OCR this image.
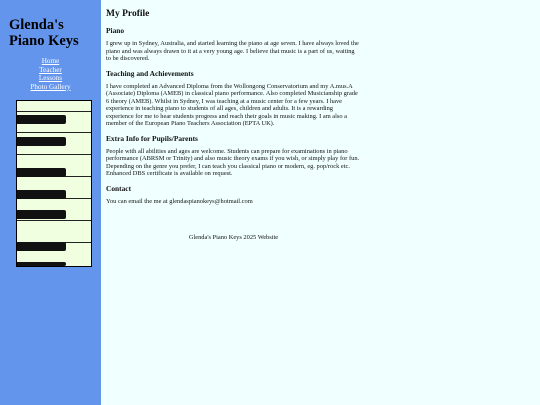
Glenda's
Piano Keys
Home
Teacher
Lessons
Photo Gallery
My Profile
Piano

I grew up in Sydney, Australia, and started learning the piano at age seven. I have always loved the piano and was always drawn to it at a very young age. I believe that music is a part of us, waiting to be discovered.

Teaching and Achievements

I have completed an Advanced Diploma from the Wollongong Conservatorium and my A.mus.A (Associate) Diploma (AMEB) in classical piano performance. Also completed Musicianship grade 6 theory (AMEB). Whilst in Sydney, I was teaching at a music center for a few years. I have experience in teaching piano to students of all ages, children and adults. It is a rewarding experience for me to hear students progress and reach their goals in music making. I am also a member of the European Piano Teachers Association (EPTA UK).

Extra Info for Pupils/Parents

People with all abilities and ages are welcome. Students can prepare for examinations in piano performance (ABRSM or Trinity) and also music theory exams if you wish, or simply play for fun. Depending on the genre you prefer, I can teach you classical piano or modern, eg. pop/rock etc. Enhanced DBS certificate is available on request.

Contact

You can email the me at glendaspianokeys@hotmail.com

Glenda's Piano Keys 2025 Website
